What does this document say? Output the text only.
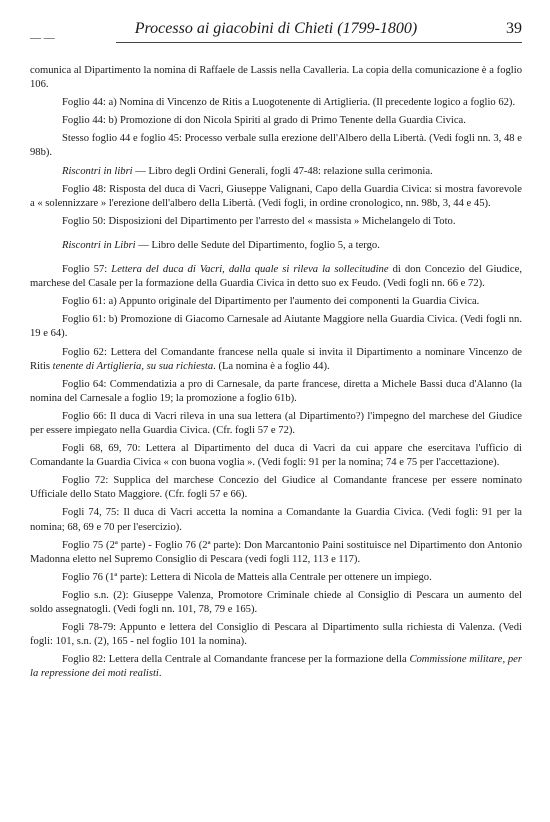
— —
Processo ai giacobini di Chieti (1799-1800)	39

comunica al Dipartimento la nomina di Raffaele de Lassis nella Cavalleria. La copia della comunicazione è a foglio 106.

Foglio 44: a) Nomina di Vincenzo de Ritis a Luogotenente di Artiglieria. (Il precedente logico a foglio 62).

Foglio 44: b) Promozione di don Nicola Spiriti al grado di Primo Tenente della Guardia Civica.

Stesso foglio 44 e foglio 45: Processo verbale sulla erezione dell'Albero della Libertà. (Vedi fogli nn. 3, 48 e 98b).

Riscontri in libri — Libro degli Ordini Generali, fogli 47-48: relazione sulla cerimonia.

Foglio 48: Risposta del duca di Vacri, Giuseppe Valignani, Capo della Guardia Civica: si mostra favorevole a « solennizzare » l'erezione dell'albero della Libertà. (Vedi fogli, in ordine cronologico, nn. 98b, 3, 44 e 45).

Foglio 50: Disposizioni del Dipartimento per l'arresto del « massista » Michelangelo di Toto.

Riscontri in Libri — Libro delle Sedute del Dipartimento, foglio 5, a tergo.

Foglio 57: Lettera del duca di Vacri, dalla quale si rileva la sollecitudine di don Concezio del Giudice, marchese del Casale per la formazione della Guardia Civica in detto suo ex Feudo. (Vedi fogli nn. 66 e 72).

Foglio 61: a) Appunto originale del Dipartimento per l'aumento dei componenti la Guardia Civica.

Foglio 61: b) Promozione di Giacomo Carnesale ad Aiutante Maggiore nella Guardia Civica. (Vedi fogli nn. 19 e 64).

Foglio 62: Lettera del Comandante francese nella quale si invita il Dipartimento a nominare Vincenzo de Ritis tenente di Artiglieria, su sua richiesta. (La nomina è a foglio 44).

Foglio 64: Commendatizia a pro di Carnesale, da parte francese, diretta a Michele Bassi duca d'Alanno (la nomina del Carnesale a foglio 19; la promozione a foglio 61b).

Foglio 66: Il duca di Vacri rileva in una sua lettera (al Dipartimento?) l'impegno del marchese del Giudice per essere impiegato nella Guardia Civica. (Cfr. fogli 57 e 72).

Fogli 68, 69, 70: Lettera al Dipartimento del duca di Vacri da cui appare che esercitava l'ufficio di Comandante la Guardia Civica « con buona voglia ». (Vedi fogli: 91 per la nomina; 74 e 75 per l'accettazione).

Foglio 72: Supplica del marchese Concezio del Giudice al Comandante francese per essere nominato Ufficiale dello Stato Maggiore. (Cfr. fogli 57 e 66).

Fogli 74, 75: Il duca di Vacri accetta la nomina a Comandante la Guardia Civica. (Vedi fogli: 91 per la nomina; 68, 69 e 70 per l'esercizio).

Foglio 75 (2ª parte) - Foglio 76 (2ª parte): Don Marcantonio Paini sostituisce nel Dipartimento don Antonio Madonna eletto nel Supremo Consiglio di Pescara (vedi fogli 112, 113 e 117).

Foglio 76 (1ª parte): Lettera di Nicola de Matteis alla Centrale per ottenere un impiego.

Foglio s.n. (2): Giuseppe Valenza, Promotore Criminale chiede al Consiglio di Pescara un aumento del soldo assegnatogli. (Vedi fogli nn. 101, 78, 79 e 165).

Fogli 78-79: Appunto e lettera del Consiglio di Pescara al Dipartimento sulla richiesta di Valenza. (Vedi fogli: 101, s.n. (2), 165 - nel foglio 101 la nomina).

Foglio 82: Lettera della Centrale al Comandante francese per la formazione della Commissione militare, per la repressione dei moti realisti.
